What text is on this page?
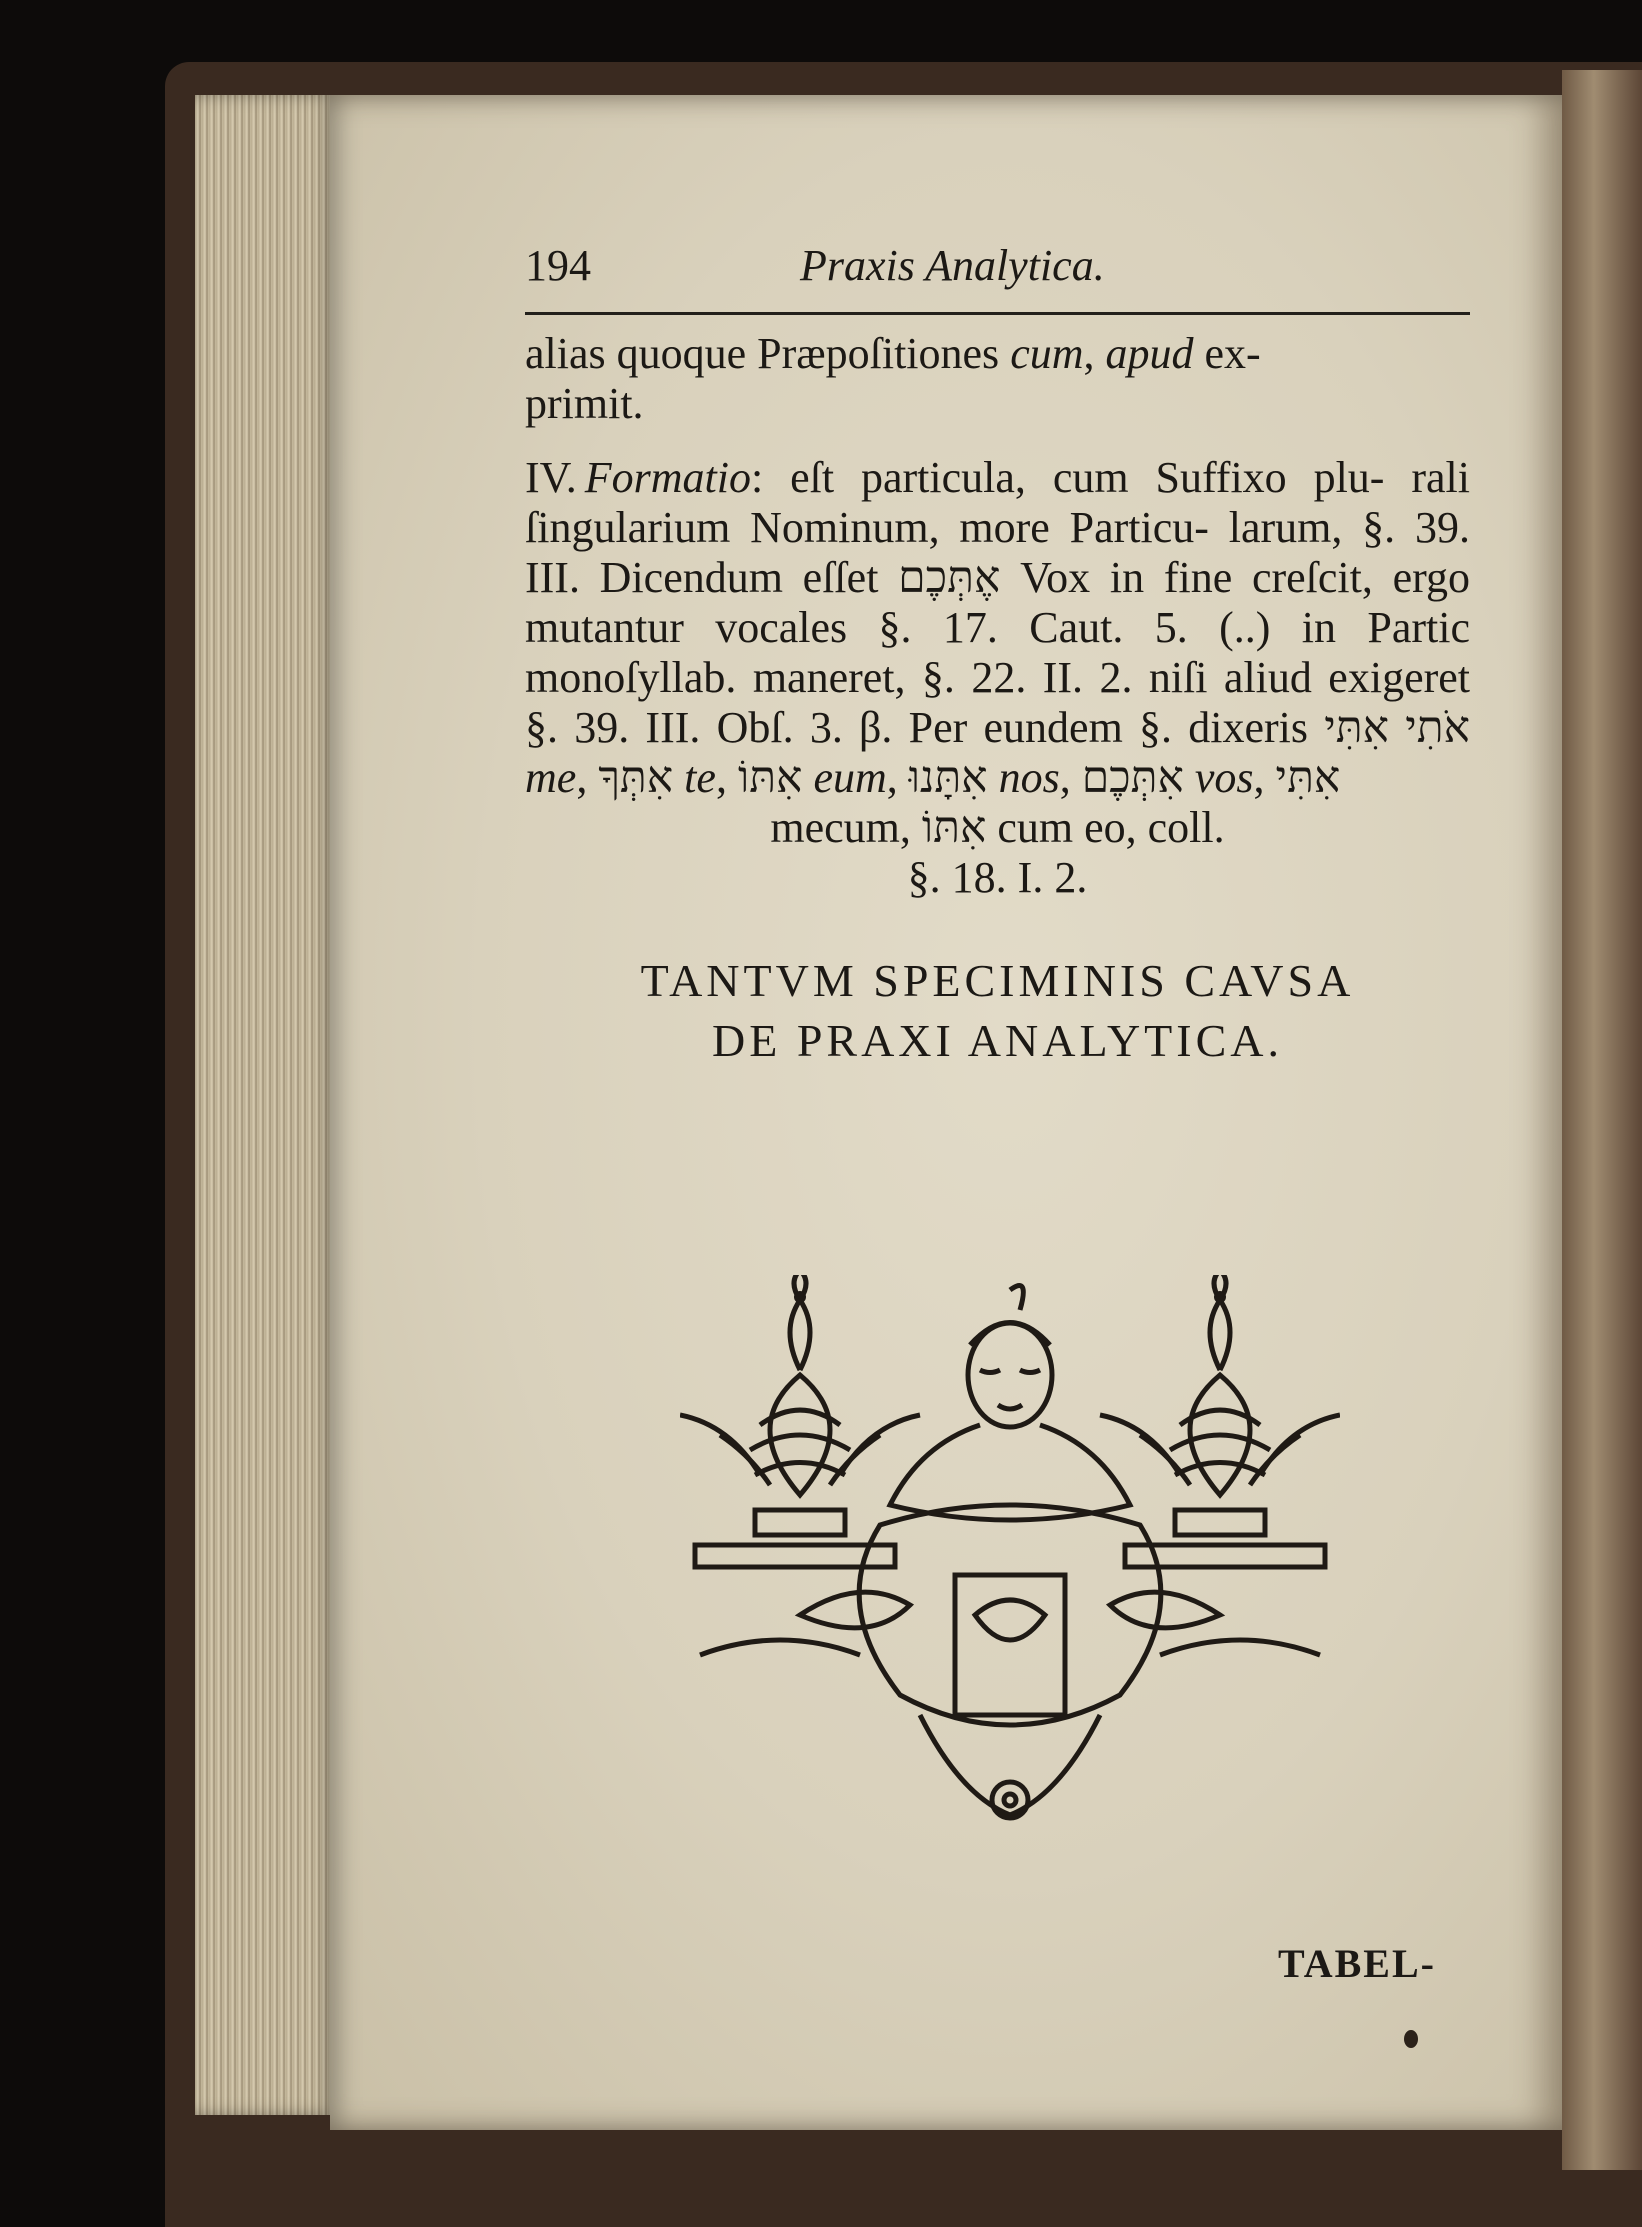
194	Praxis Analytica.

alias quoque Præpoſitiones cum, apud ex-
primit.

IV. Formatio: eſt particula, cum Suffixo plu- rali ſingularium Nominum, more Particu- larum, §. 39. III. Dicendum eſſet אֶתְּכֶם Vox in fine creſcit, ergo mutantur vocales §. 17. Caut. 5. (..) in Partic monoſyllab. maneret, §. 22. II. 2. niſi aliud exigeret §. 39. III. Obſ. 3. β. Per eundem §. dixeris אֹתִי אִתִּי me, אִתְּךָ te, אִתּוֹ eum, אִתָּנוּ nos, אִתְּכֶם vos, אִתִּי

mecum, אִתּוֹ cum eo, coll.
§. 18. I. 2.
TANTVM SPECIMINIS CAVSA
DE PRAXI ANALYTICA.
TABEL-
